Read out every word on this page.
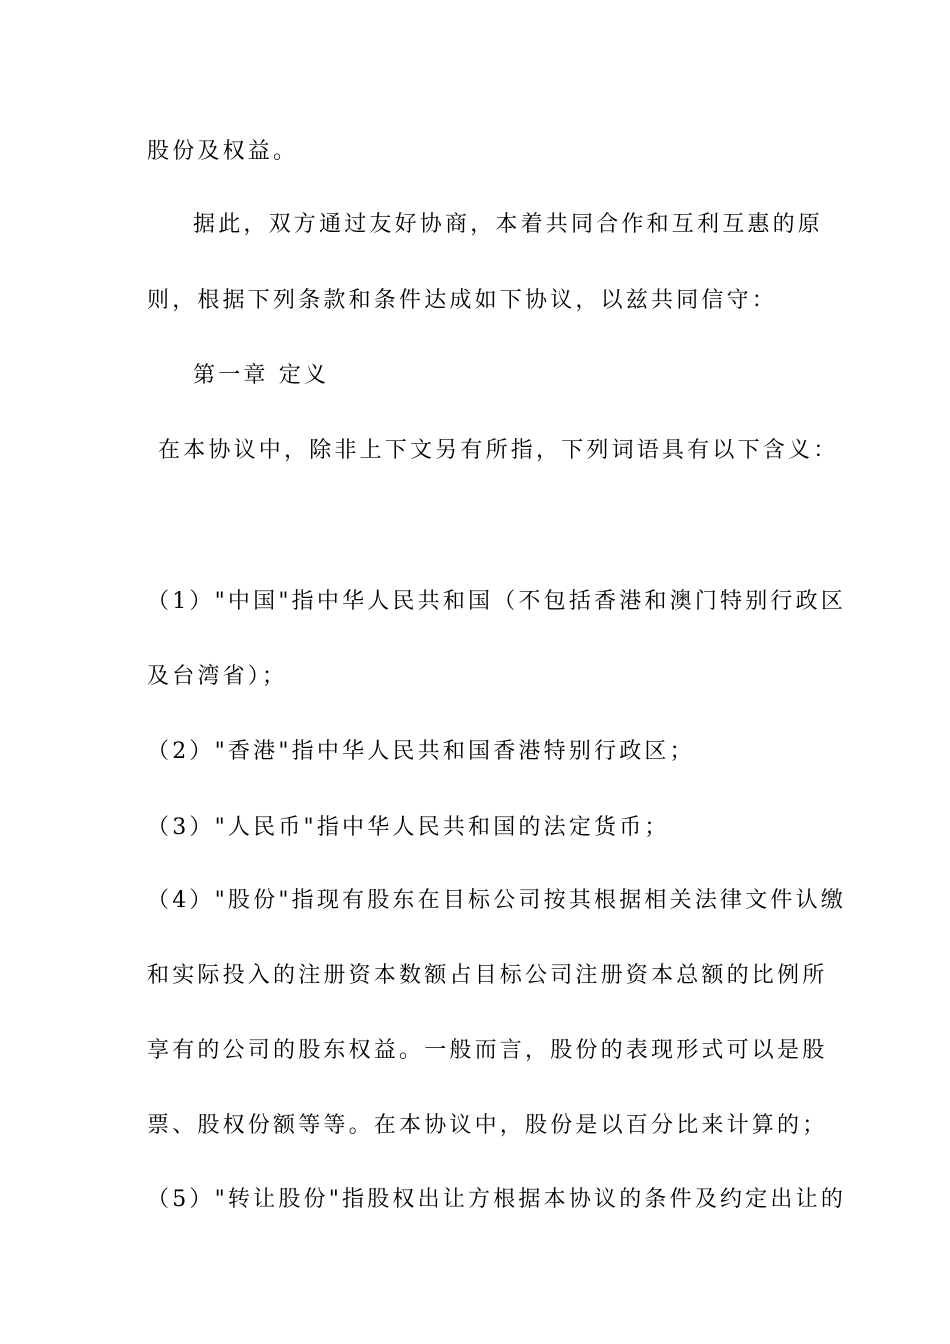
股份及权益。
据此，双方通过友好协商，本着共同合作和互利互惠的原
则，根据下列条款和条件达成如下协议，以兹共同信守：
第一章 定义
在本协议中，除非上下文另有所指，下列词语具有以下含义：
（1）"中国"指中华人民共和国（不包括香港和澳门特别行政区
及台湾省）；
（2）"香港"指中华人民共和国香港特别行政区；
（3）"人民币"指中华人民共和国的法定货币；
（4）"股份"指现有股东在目标公司按其根据相关法律文件认缴
和实际投入的注册资本数额占目标公司注册资本总额的比例所
享有的公司的股东权益。一般而言，股份的表现形式可以是股
票、股权份额等等。在本协议中，股份是以百分比来计算的；
（5）"转让股份"指股权出让方根据本协议的条件及约定出让的
